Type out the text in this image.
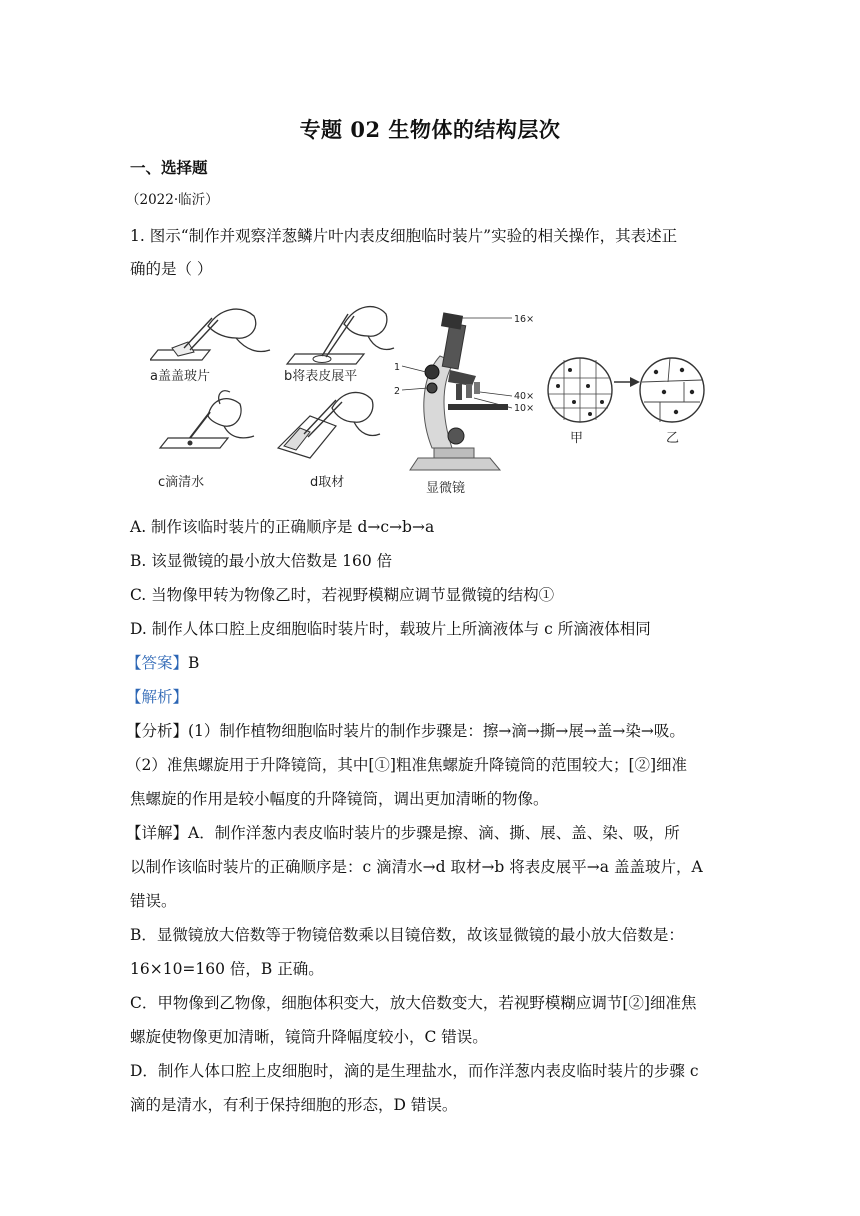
专题 02 生物体的结构层次
一、选择题
（2022·临沂）
1. 图示“制作并观察洋葱鳞片叶内表皮细胞临时装片”实验的相关操作，其表述正
确的是（ ）
a盖盖玻片	b将表皮展平
c滴清水	d取材
16×
1
2	40×
10×
显微镜
甲	乙
A. 制作该临时装片的正确顺序是 d→c→b→a
B. 该显微镜的最小放大倍数是 160 倍
C. 当物像甲转为物像乙时，若视野模糊应调节显微镜的结构①
D. 制作人体口腔上皮细胞临时装片时，载玻片上所滴液体与 c 所滴液体相同
【答案】B
【解析】
【分析】(1）制作植物细胞临时装片的制作步骤是：擦→滴→撕→展→盖→染→吸。
（2）准焦螺旋用于升降镜筒，其中[①]粗准焦螺旋升降镜筒的范围较大；[②]细准
焦螺旋的作用是较小幅度的升降镜筒，调出更加清晰的物像。
【详解】A．制作洋葱内表皮临时装片的步骤是擦、滴、撕、展、盖、染、吸，所
以制作该临时装片的正确顺序是：c 滴清水→d 取材→b 将表皮展平→a 盖盖玻片，A
错误。
B．显微镜放大倍数等于物镜倍数乘以目镜倍数，故该显微镜的最小放大倍数是：
16×10=160 倍，B 正确。
C．甲物像到乙物像，细胞体积变大，放大倍数变大，若视野模糊应调节[②]细准焦
螺旋使物像更加清晰，镜筒升降幅度较小，C 错误。
D．制作人体口腔上皮细胞时，滴的是生理盐水，而作洋葱内表皮临时装片的步骤 c
滴的是清水，有利于保持细胞的形态，D 错误。
